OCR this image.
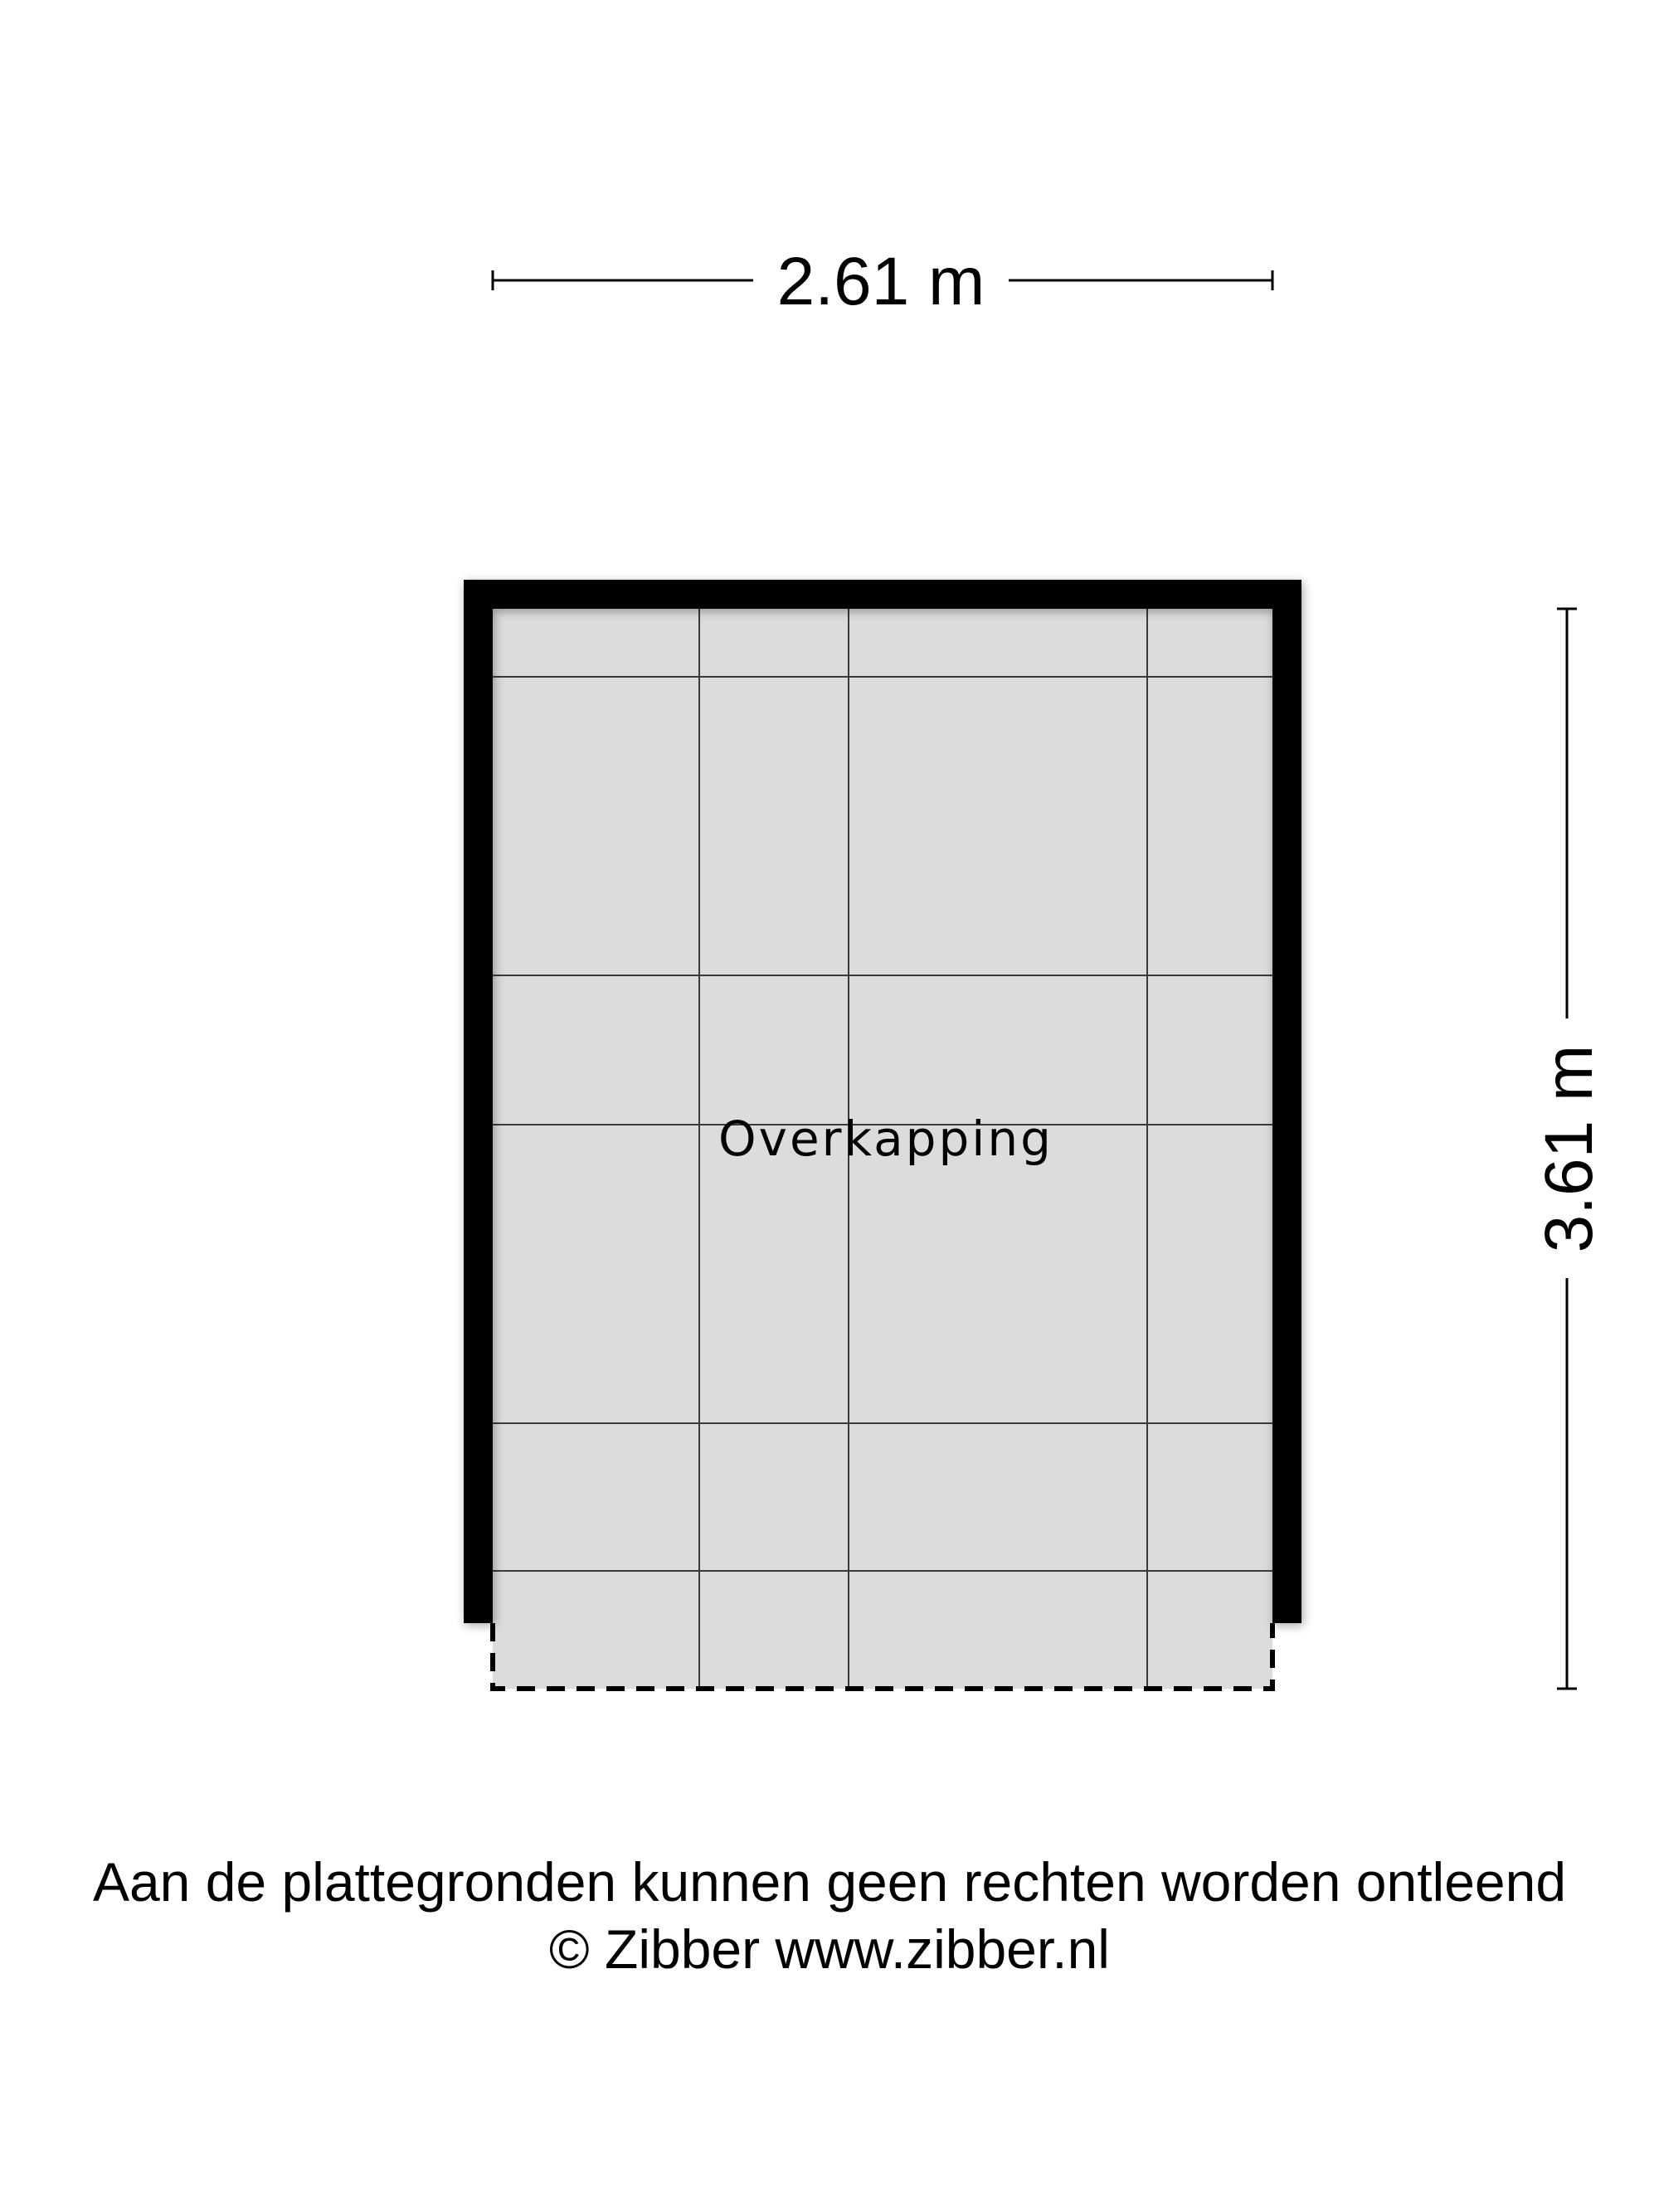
Overkapping
2.61 m
3.61 m
Aan de plattegronden kunnen geen rechten worden ontleend
© Zibber www.zibber.nl
